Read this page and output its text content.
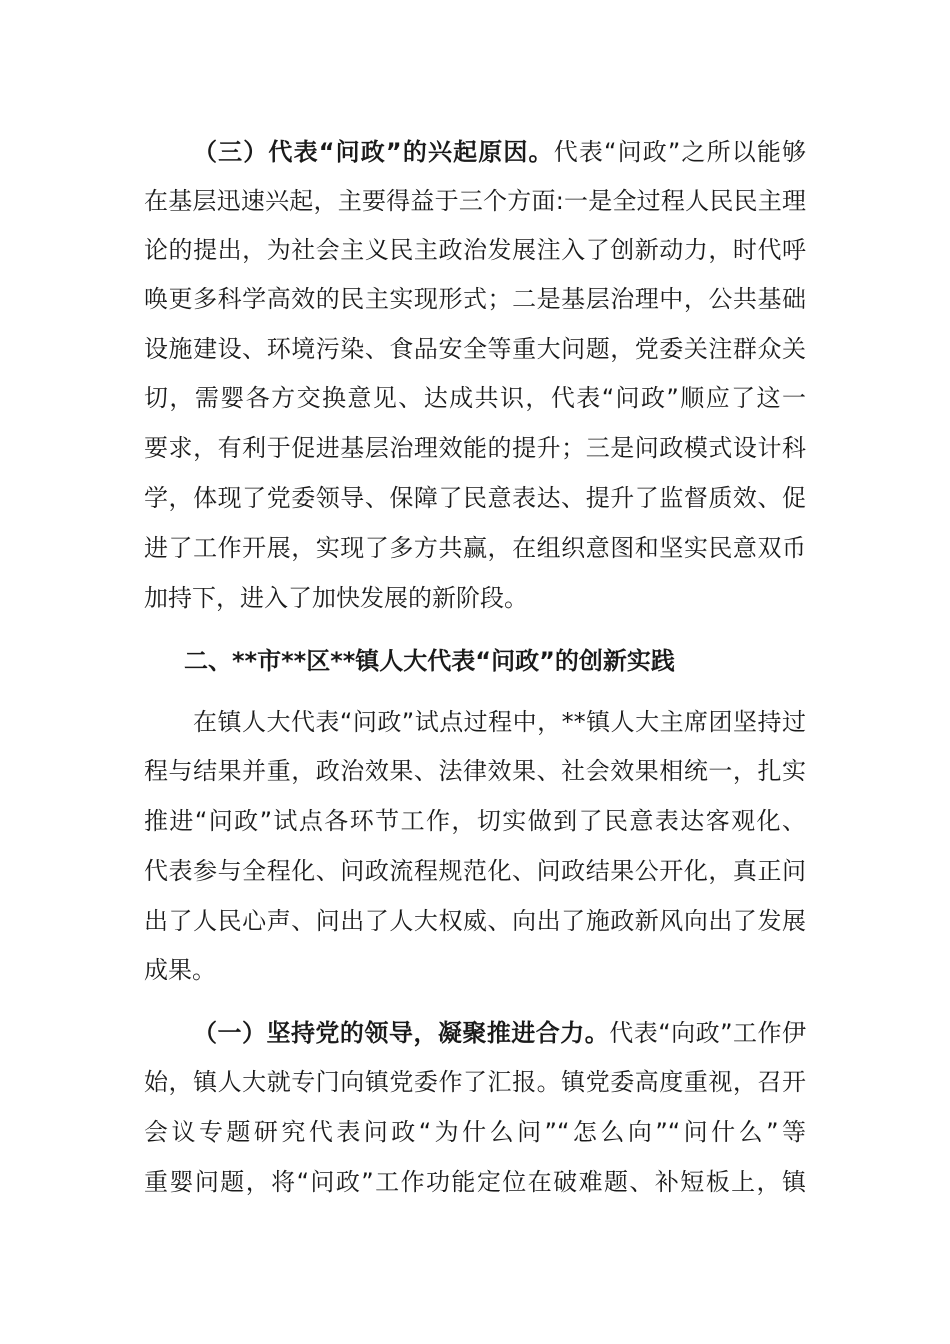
（三）代表“问政”的兴起原因。代表“问政”之所以能够
在基层迅速兴起，主要得益于三个方面:一是全过程人民民主理
论的提出，为社会主义民主政治发展注入了创新动力，时代呼
唤更多科学高效的民主实现形式；二是基层治理中，公共基础
设施建设、环境污染、食品安全等重大问题，党委关注群众关
切，需婴各方交换意见、达成共识，代表“问政”顺应了这一
要求，有利于促进基层治理效能的提升；三是问政模式设计科
学，体现了党委领导、保障了民意表达、提升了监督质效、促
进了工作开展，实现了多方共赢，在组织意图和坚实民意双币
加持下，进入了加快发展的新阶段。
二、**市**区**镇人大代表“问政”的创新实践
在镇人大代表“问政”试点过程中，**镇人大主席团坚持过
程与结果并重，政治效果、法律效果、社会效果相统一，扎实
推进“问政”试点各环节工作，切实做到了民意表达客观化、
代表参与全程化、问政流程规范化、问政结果公开化，真正问
出了人民心声、问出了人大权威、向出了施政新风向出了发展
成果。
（一）坚持党的领导，凝聚推进合力。代表“向政”工作伊
始，镇人大就专门向镇党委作了汇报。镇党委高度重视，召开
会议专题研究代表问政“为什么问”“怎么向”“问什么”等
重婴问题，将“问政”工作功能定位在破难题、补短板上，镇
